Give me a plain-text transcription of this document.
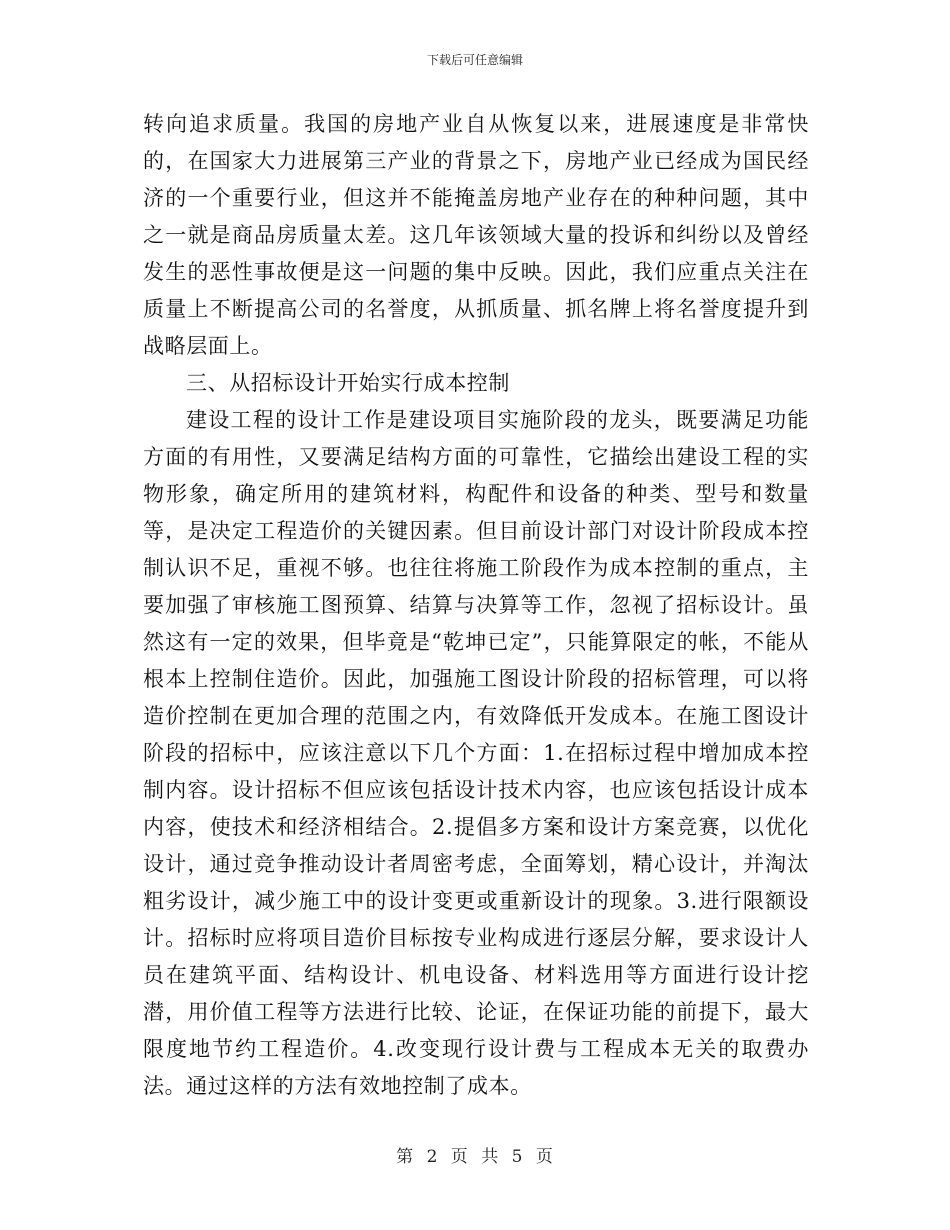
下载后可任意编辑

转向追求质量。我国的房地产业自从恢复以来，进展速度是非常快的，在国家大力进展第三产业的背景之下，房地产业已经成为国民经济的一个重要行业，但这并不能掩盖房地产业存在的种种问题，其中之一就是商品房质量太差。这几年该领域大量的投诉和纠纷以及曾经发生的恶性事故便是这一问题的集中反映。因此，我们应重点关注在质量上不断提高公司的名誉度，从抓质量、抓名牌上将名誉度提升到战略层面上。

三、从招标设计开始实行成本控制

建设工程的设计工作是建设项目实施阶段的龙头，既要满足功能方面的有用性，又要满足结构方面的可靠性，它描绘出建设工程的实物形象，确定所用的建筑材料，构配件和设备的种类、型号和数量等，是决定工程造价的关键因素。但目前设计部门对设计阶段成本控制认识不足，重视不够。也往往将施工阶段作为成本控制的重点，主要加强了审核施工图预算、结算与决算等工作，忽视了招标设计。虽然这有一定的效果，但毕竟是“乾坤已定”，只能算限定的帐，不能从根本上控制住造价。因此，加强施工图设计阶段的招标管理，可以将造价控制在更加合理的范围之内，有效降低开发成本。在施工图设计阶段的招标中，应该注意以下几个方面：1.在招标过程中增加成本控制内容。设计招标不但应该包括设计技术内容，也应该包括设计成本内容，使技术和经济相结合。2.提倡多方案和设计方案竞赛，以优化设计，通过竞争推动设计者周密考虑，全面筹划，精心设计，并淘汰粗劣设计，减少施工中的设计变更或重新设计的现象。3.进行限额设计。招标时应将项目造价目标按专业构成进行逐层分解，要求设计人员在建筑平面、结构设计、机电设备、材料选用等方面进行设计挖潜，用价值工程等方法进行比较、论证，在保证功能的前提下，最大限度地节约工程造价。4.改变现行设计费与工程成本无关的取费办法。通过这样的方法有效地控制了成本。

第 2 页 共 5 页
